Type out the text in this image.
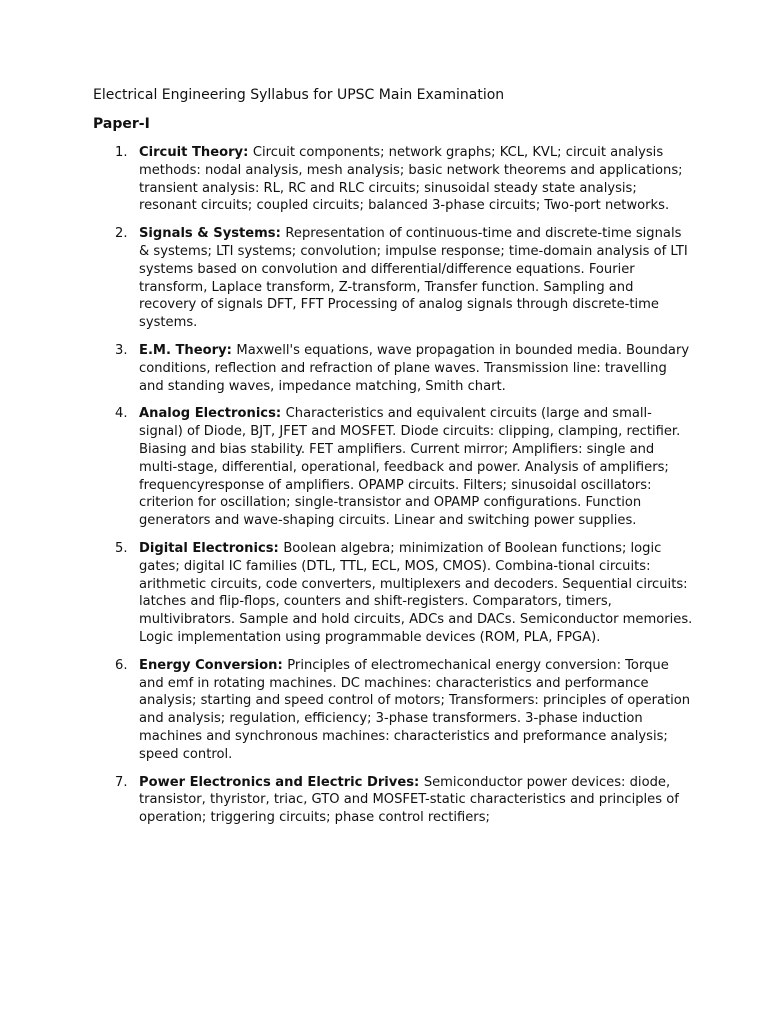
Electrical Engineering Syllabus for UPSC Main Examination
Paper-I
1. Circuit Theory: Circuit components; network graphs; KCL, KVL; circuit analysis methods: nodal analysis, mesh analysis; basic network theorems and applications; transient analysis: RL, RC and RLC circuits; sinusoidal steady state analysis; resonant circuits; coupled circuits; balanced 3-phase circuits; Two-port networks.
2. Signals & Systems: Representation of continuous-time and discrete-time signals & systems; LTI systems; convolution; impulse response; time-domain analysis of LTI systems based on convolution and differential/difference equations. Fourier transform, Laplace transform, Z-transform, Transfer function. Sampling and recovery of signals DFT, FFT Processing of analog signals through discrete-time systems.
3. E.M. Theory: Maxwell's equations, wave propagation in bounded media. Boundary conditions, reflection and refraction of plane waves. Transmission line: travelling and standing waves, impedance matching, Smith chart.
4. Analog Electronics: Characteristics and equivalent circuits (large and small-signal) of Diode, BJT, JFET and MOSFET. Diode circuits: clipping, clamping, rectifier. Biasing and bias stability. FET amplifiers. Current mirror; Amplifiers: single and multi-stage, differential, operational, feedback and power. Analysis of amplifiers; frequencyresponse of amplifiers. OPAMP circuits. Filters; sinusoidal oscillators: criterion for oscillation; single-transistor and OPAMP configurations. Function generators and wave-shaping circuits. Linear and switching power supplies.
5. Digital Electronics: Boolean algebra; minimization of Boolean functions; logic gates; digital IC families (DTL, TTL, ECL, MOS, CMOS). Combina-tional circuits: arithmetic circuits, code converters, multiplexers and decoders. Sequential circuits: latches and flip-flops, counters and shift-registers. Comparators, timers, multivibrators. Sample and hold circuits, ADCs and DACs. Semiconductor memories. Logic implementation using programmable devices (ROM, PLA, FPGA).
6. Energy Conversion: Principles of electromechanical energy conversion: Torque and emf in rotating machines. DC machines: characteristics and performance analysis; starting and speed control of motors; Transformers: principles of operation and analysis; regulation, efficiency; 3-phase transformers. 3-phase induction machines and synchronous machines: characteristics and preformance analysis; speed control.
7. Power Electronics and Electric Drives: Semiconductor power devices: diode, transistor, thyristor, triac, GTO and MOSFET-static characteristics and principles of operation; triggering circuits; phase control rectifiers;
